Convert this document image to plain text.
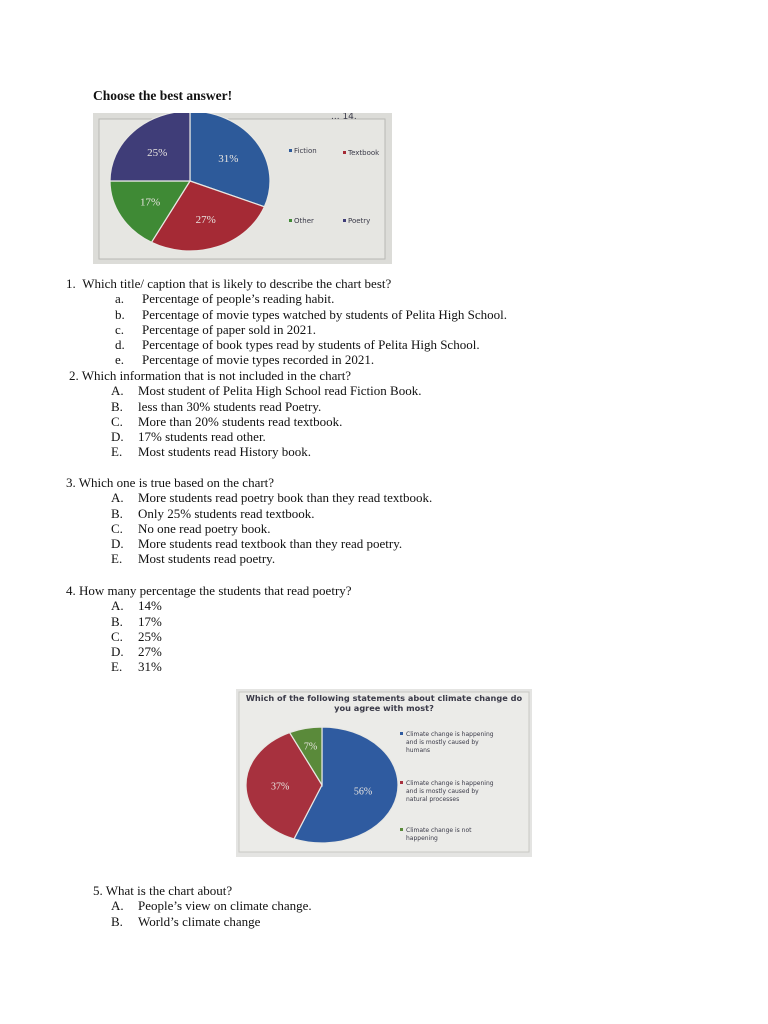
Choose the best answer!
... 14.
31%
27%
17%
25%	Fiction	Textbook
Other	Poetry
1. Which title/ caption that is likely to describe the chart best?
a. Percentage of people’s reading habit.
b. Percentage of movie types watched by students of Pelita High School.
c. Percentage of paper sold in 2021.
d. Percentage of book types read by students of Pelita High School.
e. Percentage of movie types recorded in 2021.
2. Which information that is not included in the chart?
A. Most student of Pelita High School read Fiction Book.
B. less than 30% students read Poetry.
C. More than 20% students read textbook.
D. 17% students read other.
E. Most students read History book.
3. Which one is true based on the chart?
A. More students read poetry book than they read textbook.
B. Only 25% students read textbook.
C. No one read poetry book.
D. More students read textbook than they read poetry.
E. Most students read poetry.
4. How many percentage the students that read poetry?
A. 14%
B. 17%
C. 25%
D. 27%
E. 31%
Which of the following statements about climate change do
you agree with most?
56%
37%
7%
Climate change is happening
and is mostly caused by
humans
Climate change is happening
and is mostly caused by
natural processes
Climate change is not
happening
5. What is the chart about?
A. People’s view on climate change.
B. World’s climate change
